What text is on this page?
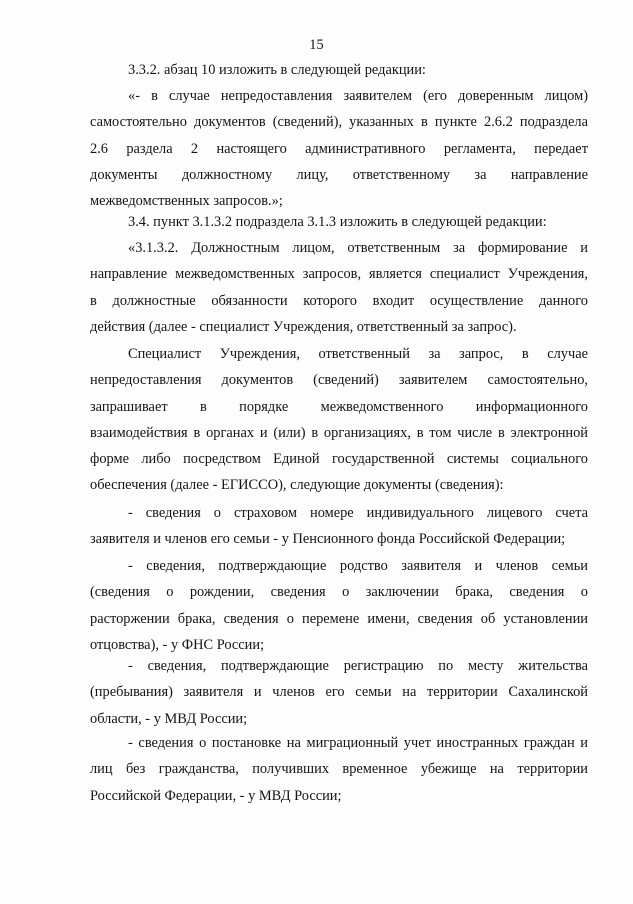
15

3.3.2. абзац 10 изложить в следующей редакции:

«- в случае непредоставления заявителем (его доверенным лицом)
самостоятельно документов (сведений), указанных в пункте 2.6.2 подраздела
2.6 раздела 2 настоящего административного регламента, передает
документы должностному лицу, ответственному за направление
межведомственных запросов.»;

3.4. пункт 3.1.3.2 подраздела 3.1.3 изложить в следующей редакции:

«3.1.3.2. Должностным лицом, ответственным за формирование и
направление межведомственных запросов, является специалист Учреждения,
в должностные обязанности которого входит осуществление данного
действия (далее - специалист Учреждения, ответственный за запрос).

Специалист Учреждения, ответственный за запрос, в случае
непредоставления документов (сведений) заявителем самостоятельно,
запрашивает в порядке межведомственного информационного
взаимодействия в органах и (или) в организациях, в том числе в электронной
форме либо посредством Единой государственной системы социального
обеспечения (далее - ЕГИССО), следующие документы (сведения):

- сведения о страховом номере индивидуального лицевого счета
заявителя и членов его семьи - у Пенсионного фонда Российской Федерации;

- сведения, подтверждающие родство заявителя и членов семьи
(сведения о рождении, сведения о заключении брака, сведения о
расторжении брака, сведения о перемене имени, сведения об установлении
отцовства), - у ФНС России;

- сведения, подтверждающие регистрацию по месту жительства
(пребывания) заявителя и членов его семьи на территории Сахалинской
области, - у МВД России;

- сведения о постановке на миграционный учет иностранных граждан и
лиц без гражданства, получивших временное убежище на территории
Российской Федерации, - у МВД России;
